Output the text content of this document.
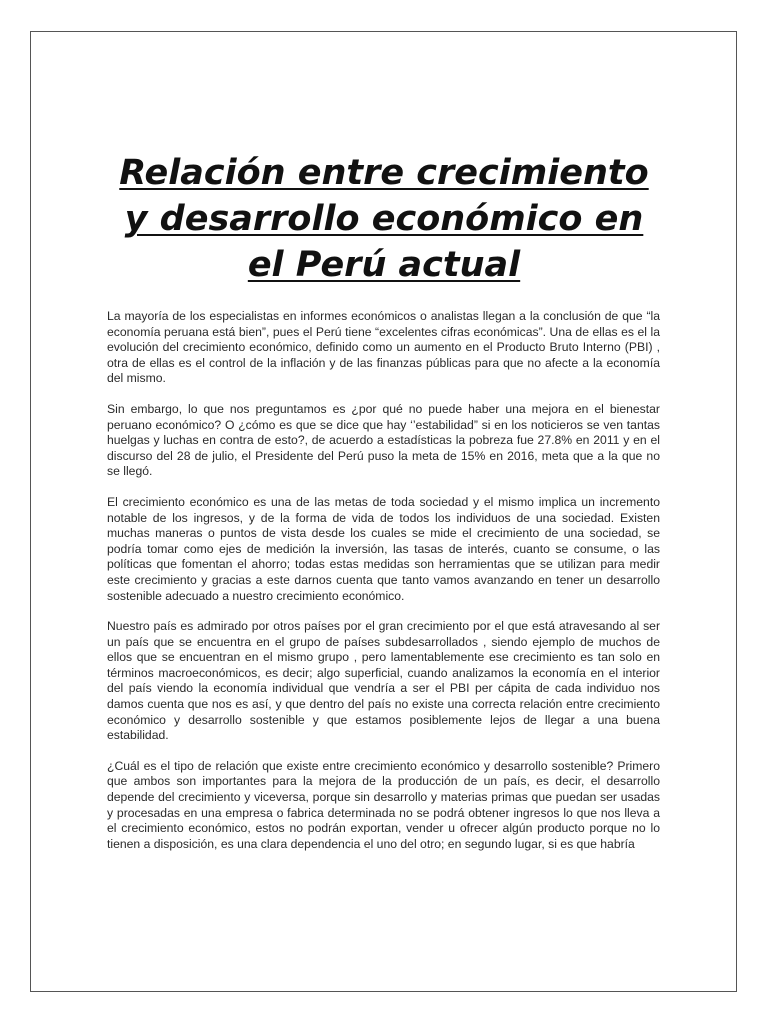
Relación entre crecimiento
y desarrollo económico en
el Perú actual

La mayoría de los especialistas en informes económicos o analistas llegan a la conclusión de que “la economía peruana está bien”, pues el Perú tiene “excelentes cifras económicas”. Una de ellas es el la evolución del crecimiento económico, definido como un aumento en el Producto Bruto Interno (PBI) , otra de ellas es el control de la inflación y de las finanzas públicas para que no afecte a la economía del mismo.

Sin embargo, lo que nos preguntamos es ¿por qué no puede haber una mejora en el bienestar peruano económico? O ¿cómo es que se dice que hay ‘’estabilidad” si en los noticieros se ven tantas huelgas y luchas en contra de esto?, de acuerdo a estadísticas la pobreza fue 27.8% en 2011 y en el discurso del 28 de julio, el Presidente del Perú puso la meta de 15% en 2016, meta que a la que no se llegó.

El crecimiento económico es una de las metas de toda sociedad y el mismo implica un incremento notable de los ingresos, y de la forma de vida de todos los individuos de una sociedad. Existen muchas maneras o puntos de vista desde los cuales se mide el crecimiento de una sociedad, se podría tomar como ejes de medición la inversión, las tasas de interés, cuanto se consume, o las políticas que fomentan el ahorro; todas estas medidas son herramientas que se utilizan para medir este crecimiento y gracias a este darnos cuenta que tanto vamos avanzando en tener un desarrollo sostenible adecuado a nuestro crecimiento económico.

Nuestro país es admirado por otros países por el gran crecimiento por el que está atravesando al ser un país que se encuentra en el grupo de países subdesarrollados , siendo ejemplo de muchos de ellos que se encuentran en el mismo grupo , pero lamentablemente ese crecimiento es tan solo en términos macroeconómicos, es decir; algo superficial, cuando analizamos la economía en el interior del país viendo la economía individual que vendría a ser el PBI per cápita de cada individuo nos damos cuenta que nos es así, y que dentro del país no existe una correcta relación entre crecimiento económico y desarrollo sostenible y que estamos posiblemente lejos de llegar a una buena estabilidad.

¿Cuál es el tipo de relación que existe entre crecimiento económico y desarrollo sostenible? Primero que ambos son importantes para la mejora de la producción de un país, es decir, el desarrollo depende del crecimiento y viceversa, porque sin desarrollo y materias primas que puedan ser usadas y procesadas en una empresa o fabrica determinada no se podrá obtener ingresos lo que nos lleva a el crecimiento económico, estos no podrán exportan, vender u ofrecer algún producto porque no lo tienen a disposición, es una clara dependencia el uno del otro; en segundo lugar, si es que habría
